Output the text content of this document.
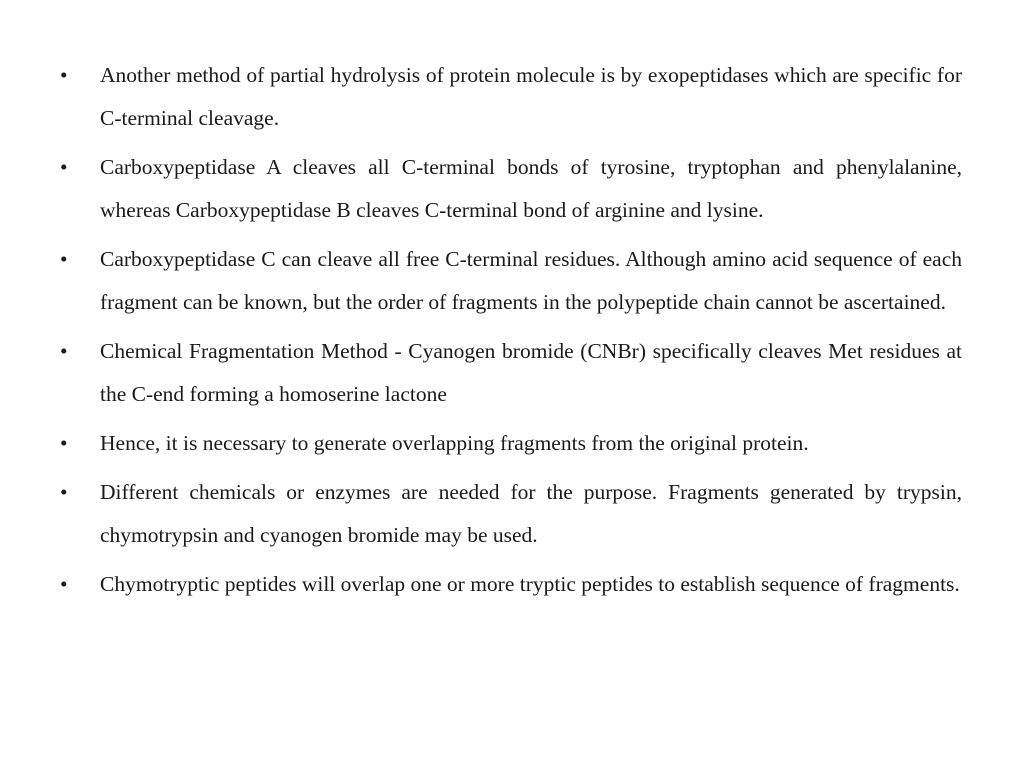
•	Another method of partial hydrolysis of protein molecule is by exopeptidases which are specific for C-terminal cleavage.
•	Carboxypeptidase A cleaves all C-terminal bonds of tyrosine, tryptophan and phenylalanine, whereas Carboxypeptidase B cleaves C-terminal bond of arginine and lysine.
•	Carboxypeptidase C can cleave all free C-terminal residues. Although amino acid sequence of each fragment can be known, but the order of fragments in the polypeptide chain cannot be ascertained.
•	Chemical Fragmentation Method - Cyanogen bromide (CNBr) specifically cleaves Met residues at the C-end forming a homoserine lactone
•	Hence, it is necessary to generate overlapping fragments from the original protein.
•	Different chemicals or enzymes are needed for the purpose. Fragments generated by trypsin, chymotrypsin and cyanogen bromide may be used.
•	Chymotryptic peptides will overlap one or more tryptic peptides to establish sequence of fragments.
